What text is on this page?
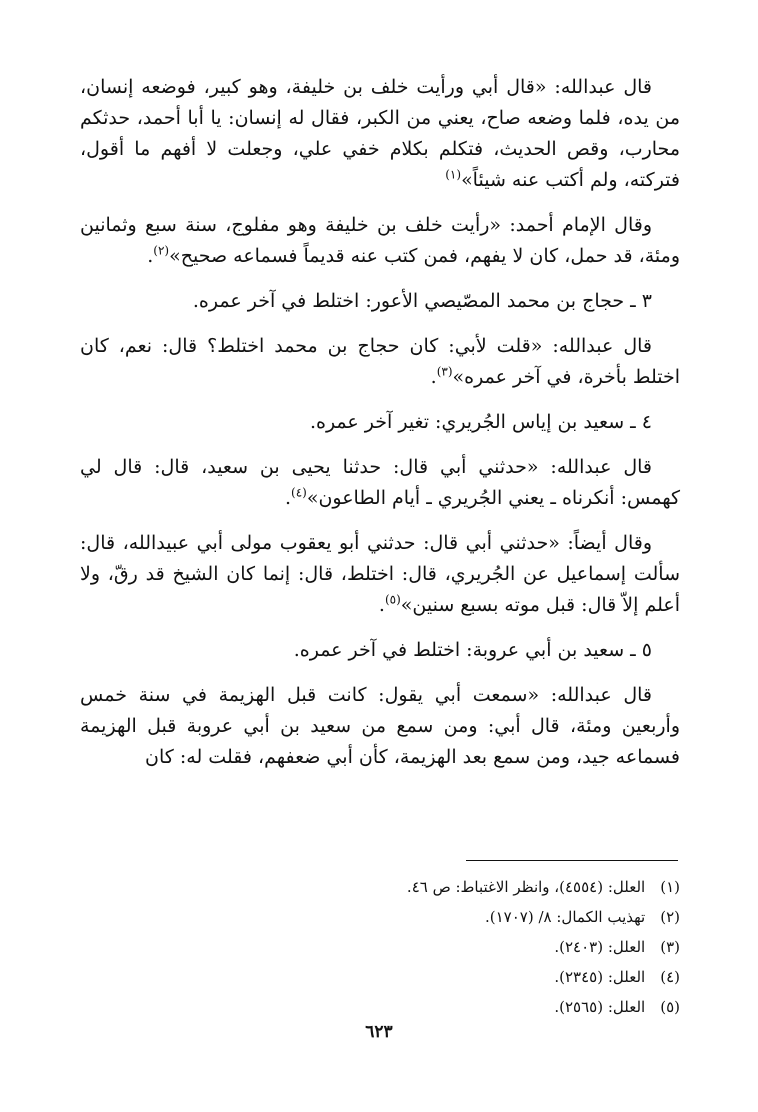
قال عبدالله: «قال أبي ورأيت خلف بن خليفة، وهو كبير، فوضعه إنسان، من يده، فلما وضعه صاح، يعني من الكبر، فقال له إنسان: يا أبا أحمد، حدثكم محارب، وقص الحديث، فتكلم بكلام خفي علي، وجعلت لا أفهم ما أقول، فتركته، ولم أكتب عنه شيئاً»$^{(١)}$

وقال الإمام أحمد: «رأيت خلف بن خليفة وهو مفلوج، سنة سبع وثمانين ومئة، قد حمل، كان لا يفهم، فمن كتب عنه قديماً فسماعه صحيح»$^{(٢)}$.

٣ ـ حجاج بن محمد المصّيصي الأعور: اختلط في آخر عمره.

قال عبدالله: «قلت لأبي: كان حجاج بن محمد اختلط؟ قال: نعم، كان اختلط بأخرة، في آخر عمره»$^{(٣)}$.

٤ ـ سعيد بن إياس الجُريري: تغير آخر عمره.

قال عبدالله: «حدثني أبي قال: حدثنا يحيى بن سعيد، قال: قال لي كهمس: أنكرناه ـ يعني الجُريري ـ أيام الطاعون»$^{(٤)}$.

وقال أيضاً: «حدثني أبي قال: حدثني أبو يعقوب مولى أبي عبيدالله، قال: سألت إسماعيل عن الجُريري، قال: اختلط، قال: إنما كان الشيخ قد رقّ، ولا أعلم إلاّ قال: قبل موته بسبع سنين»$^{(٥)}$.

٥ ـ سعيد بن أبي عروبة: اختلط في آخر عمره.

قال عبدالله: «سمعت أبي يقول: كانت قبل الهزيمة في سنة خمس وأربعين ومئة، قال أبي: ومن سمع من سعيد بن أبي عروبة قبل الهزيمة فسماعه جيد، ومن سمع بعد الهزيمة، كأن أبي ضعفهم، فقلت له: كان

(١) العلل: (٤٥٥٤)، وانظر الاغتباط: ص ٤٦.
(٢) تهذيب الكمال: ٨/ (١٧٠٧).
(٣) العلل: (٢٤٠٣).
(٤) العلل: (٢٣٤٥).
(٥) العلل: (٢٥٦٥).
٦٢٣
